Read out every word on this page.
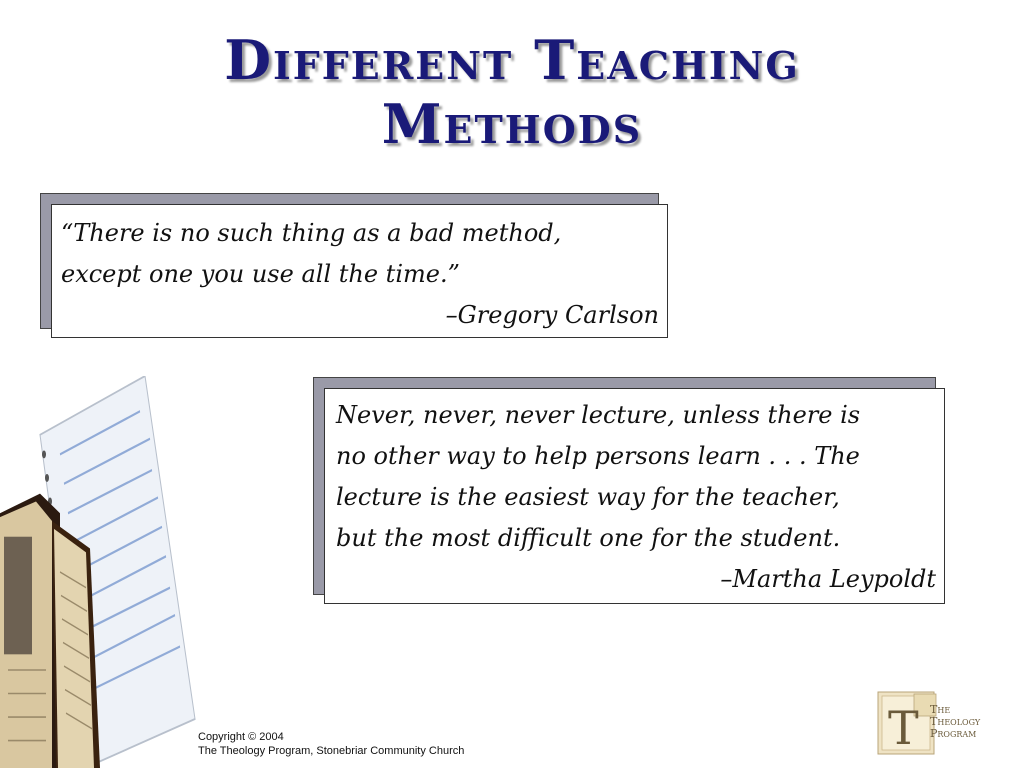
Different Teaching
Methods
“There is no such thing as a bad method,
except one you use all the time.”
–Gregory Carlson
Never, never, never lecture, unless there is
no other way to help persons learn . . . The
lecture is the easiest way for the teacher,
but the most difficult one for the student.
–Martha Leypoldt
Copyright © 2004
The Theology Program, Stonebriar Community Church	T The
Theology
Program
